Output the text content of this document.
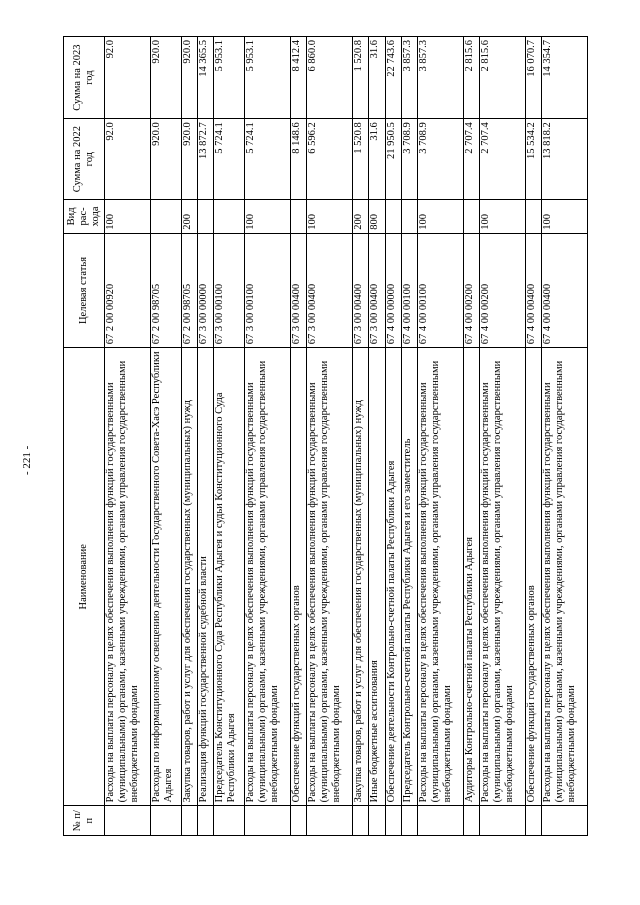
- 221 -
№ п/п	Наименование	Целевая статья	Вид рас-хода	Сумма на 2022 год	Сумма на 2023 год
	Расходы на выплаты персоналу в целях обеспечения выполнения функций государственными (муниципальными) органами, казенными учреждениями, органами управления государственными внебюджетными фондами	67 2 00 00920	100	92.0	92.0
	Расходы по информационному освещению деятельности Государственного Совета-Хасэ Республики Адыгея	67 2 00 98705		920.0	920.0
	Закупка товаров, работ и услуг для обеспечения государственных (муниципальных) нужд	67 2 00 98705	200	920.0	920.0
	Реализация функций государственной судебной власти	67 3 00 00000		13 872.7	14 365.5
	Председатель Конституционного Суда Республики Адыгея и судьи Конституционного Суда Республики Адыгея	67 3 00 00100		5 724.1	5 953.1
	Расходы на выплаты персоналу в целях обеспечения выполнения функций государственными (муниципальными) органами, казенными учреждениями, органами управления государственными внебюджетными фондами	67 3 00 00100	100	5 724.1	5 953.1
	Обеспечение функций государственных органов	67 3 00 00400		8 148.6	8 412.4
	Расходы на выплаты персоналу в целях обеспечения выполнения функций государственными (муниципальными) органами, казенными учреждениями, органами управления государственными внебюджетными фондами	67 3 00 00400	100	6 596.2	6 860.0
	Закупка товаров, работ и услуг для обеспечения государственных (муниципальных) нужд	67 3 00 00400	200	1 520.8	1 520.8
	Иные бюджетные ассигнования	67 3 00 00400	800	31.6	31.6
	Обеспечение деятельности Контрольно-счетной палаты Республики Адыгея	67 4 00 00000		21 950.5	22 743.6
	Председатель Контрольно-счетной палаты Республики Адыгея и его заместитель	67 4 00 00100		3 708.9	3 857.3
	Расходы на выплаты персоналу в целях обеспечения выполнения функций государственными (муниципальными) органами, казенными учреждениями, органами управления государственными внебюджетными фондами	67 4 00 00100	100	3 708.9	3 857.3
	Аудиторы Контрольно-счетной палаты Республики Адыгея	67 4 00 00200		2 707.4	2 815.6
	Расходы на выплаты персоналу в целях обеспечения выполнения функций государственными (муниципальными) органами, казенными учреждениями, органами управления государственными внебюджетными фондами	67 4 00 00200	100	2 707.4	2 815.6
	Обеспечение функций государственных органов	67 4 00 00400		15 534.2	16 070.7
	Расходы на выплаты персоналу в целях обеспечения выполнения функций государственными (муниципальными) органами, казенными учреждениями, органами управления государственными внебюджетными фондами	67 4 00 00400	100	13 818.2	14 354.7
